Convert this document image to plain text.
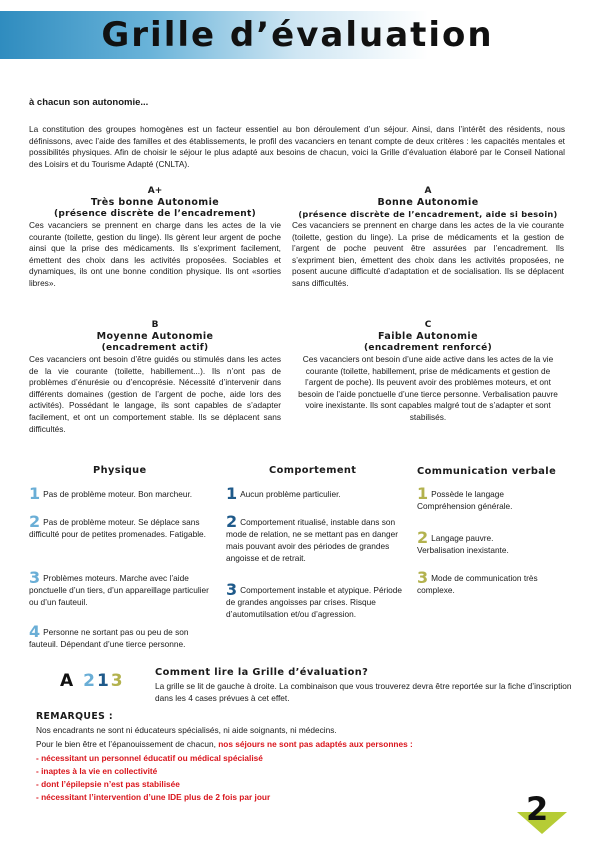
Grille d’évaluation
à chacun son autonomie...

La constitution des groupes homogènes est un facteur essentiel au bon déroulement d’un séjour. Ainsi, dans l’intérêt des résidents, nous définissons, avec l’aide des familles et des établissements, le profil des vacanciers en tenant compte de deux critères : les capacités mentales et possibilités physiques. Afin de choisir le séjour le plus adapté aux besoins de chacun, voici la Grille d’évaluation élaboré par le Conseil National des Loisirs et du Tourisme Adapté (CNLTA).

A+
Très bonne Autonomie
(présence discrète de l’encadrement)
Ces vacanciers se prennent en charge dans les actes de la vie courante (toilette, gestion du linge). Ils gèrent leur argent de poche ainsi que la prise des médicaments. Ils s’expriment facilement, émettent des choix dans les activités proposées. Sociables et dynamiques, ils ont une bonne condition physique. Ils ont «sorties libres».
A
Bonne Autonomie
(présence discrète de l’encadrement, aide si besoin)
Ces vacanciers se prennent en charge dans les actes de la vie courante (toilette, gestion du linge). La prise de médicaments et la gestion de l’argent de poche peuvent être assurées par l’encadrement. Ils s’expriment bien, émettent des choix dans les activités proposées, ne posent aucune difficulté d’adaptation et de socialisation. Ils se déplacent sans difficultés.
B
Moyenne Autonomie
(encadrement actif)
Ces vacanciers ont besoin d’être guidés ou stimulés dans les actes de la vie courante (toilette, habillement...). Ils n’ont pas de problèmes d’énurésie ou d’encoprésie. Nécessité d’intervenir dans différents domaines (gestion de l’argent de poche, aide lors des activités). Possédant le langage, ils sont capables de s’adapter facilement, et ont un comportement stable. Ils se déplacent sans difficultés.
C
Faible Autonomie
(encadrement renforcé)
Ces vacanciers ont besoin d’une aide active dans les actes de la vie courante (toilette, habillement, prise de médicaments et gestion de l’argent de poche). Ils peuvent avoir des problèmes moteurs, et ont besoin de l’aide ponctuelle d’une tierce personne. Verbalisation pauvre voire inexistante. Ils sont capables malgré tout de s’adapter et sont stabilisés.
Physique	Comportement	Communication verbale
1 Pas de problème moteur. Bon marcheur.
2 Pas de problème moteur. Se déplace sans difficulté pour de petites promenades. Fatigable.
3 Problèmes moteurs. Marche avec l’aide ponctuelle d’un tiers, d’un appareillage particulier ou d’un fauteuil.
4 Personne ne sortant pas ou peu de son fauteuil. Dépendant d’une tierce personne.
1 Aucun problème particulier.
2 Comportement ritualisé, instable dans son mode de relation, ne se mettant pas en danger mais pouvant avoir des périodes de grandes angoisse et de retrait.
3 Comportement instable et atypique. Période de grandes angoisses par crises. Risque d’automutilsation et/ou d’agression.
1 Possède le langage Compréhension générale.
2 Langage pauvre. Verbalisation inexistante.
3 Mode de communication très complexe.
A 213	Comment lire la Grille d’évaluation?

La grille se lit de gauche à droite. La combinaison que vous trouverez devra être reportée sur la fiche d’inscription dans les 4 cases prévues à cet effet.

REMARQUES :
Nos encadrants ne sont ni éducateurs spécialisés, ni aide soignants, ni médecins.
Pour le bien être et l’épanouissement de chacun, nos séjours ne sont pas adaptés aux personnes :
- nécessitant un personnel éducatif ou médical spécialisé
- inaptes à la vie en collectivité
- dont l’épilepsie n’est pas stabilisée
- nécessitant l’intervention d’une IDE plus de 2 fois par jour	2
